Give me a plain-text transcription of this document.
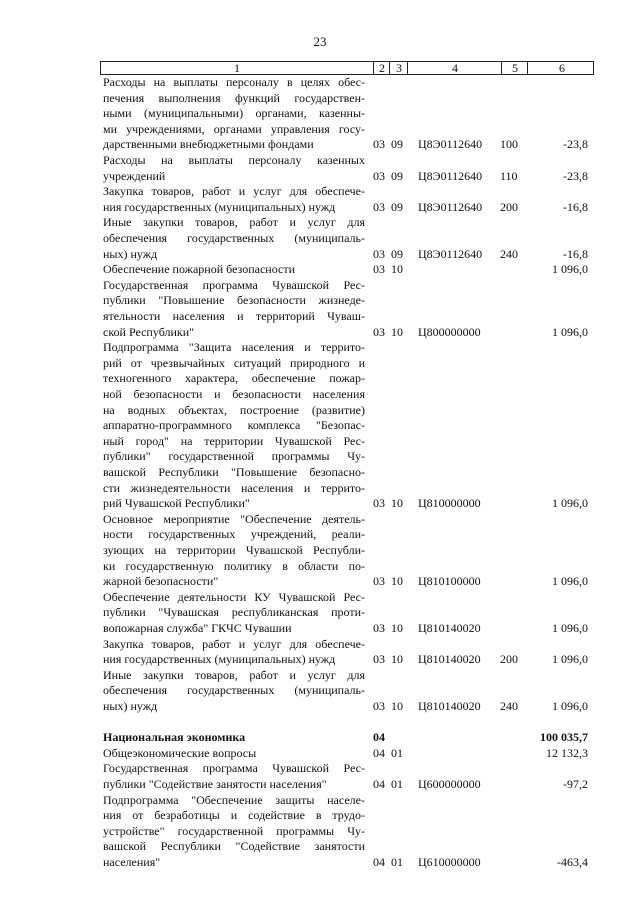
23
1	2 3	4	5	6
Расходы на выплаты персоналу в целях обес-
печения выполнения функций государствен-
ными (муниципальными) органами, казенны-
ми учреждениями, органами управления госу-
дарственными внебюджетными фондами	03 09 Ц8Э0112640 100	-23,8
Расходы на выплаты персоналу казенных
учреждений	03 09 Ц8Э0112640 110	-23,8
Закупка товаров, работ и услуг для обеспече-
ния государственных (муниципальных) нужд	03 09 Ц8Э0112640 200	-16,8
Иные закупки товаров, работ и услуг для
обеспечения государственных (муниципаль-
ных) нужд	03 09 Ц8Э0112640 240	-16,8
Обеспечение пожарной безопасности	03 10	1 096,0
Государственная программа Чувашской Рес-
публики "Повышение безопасности жизнеде-
ятельности населения и территорий Чуваш-
ской Республики"	03 10 Ц800000000	1 096,0
Подпрограмма "Защита населения и террито-
рий от чрезвычайных ситуаций природного и
техногенного характера, обеспечение пожар-
ной безопасности и безопасности населения
на водных объектах, построение (развитие)
аппаратно-программного комплекса "Безопас-
ный город" на территории Чувашской Рес-
публики" государственной программы Чу-
вашской Республики "Повышение безопасно-
сти жизнедеятельности населения и террито-
рий Чувашской Республики"	03 10 Ц810000000	1 096,0
Основное мероприятие "Обеспечение деятель-
ности государственных учреждений, реали-
зующих на территории Чувашской Республи-
ки государственную политику в области по-
жарной безопасности"	03 10 Ц810100000	1 096,0
Обеспечение деятельности КУ Чувашской Рес-
публики "Чувашская республиканская проти-
вопожарная служба" ГКЧС Чувашии	03 10 Ц810140020	1 096,0
Закупка товаров, работ и услуг для обеспече-
ния государственных (муниципальных) нужд	03 10 Ц810140020 200	1 096,0
Иные закупки товаров, работ и услуг для
обеспечения государственных (муниципаль-
ных) нужд	03 10 Ц810140020 240	1 096,0
Национальная экономика	04	100 035,7
Общеэкономические вопросы	04 01	12 132,3
Государственная программа Чувашской Рес-
публики "Содействие занятости населения"	04 01 Ц600000000	-97,2
Подпрограмма "Обеспечение защиты населе-
ния от безработицы и содействие в трудо-
устройстве" государственной программы Чу-
вашской Республики "Содействие занятости
населения"	04 01 Ц610000000	-463,4
